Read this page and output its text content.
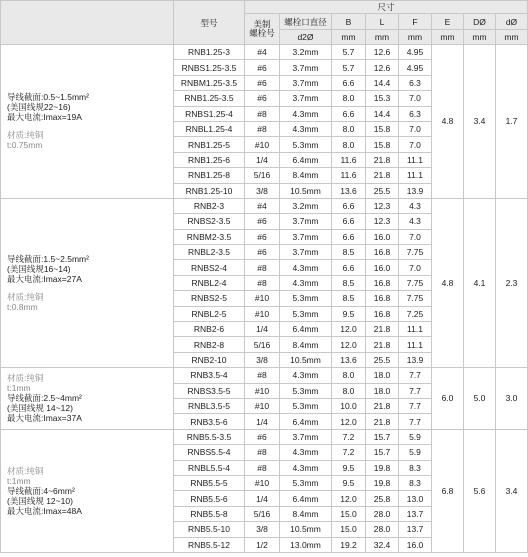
	型号	尺寸							
		美制
螺栓号	螺栓口直径	B	L	F	E	DØ	dØ
			d2Ø	mm	mm	mm	mm	mm	mm

导线截面:0.5~1.5mm²
(美国线规22~16)
最大电流:Imax=19A
材质:纯铜
t:0.75mm	RNB1.25-3	#4	3.2mm	5.7	12.6	4.95	4.8	3.4	1.7
	RNBS1.25-3.5	#6	3.7mm	5.7	12.6	4.95			
	RNBM1.25-3.5	#6	3.7mm	6.6	14.4	6.3			
	RNB1.25-3.5	#6	3.7mm	8.0	15.3	7.0			
	RNBS1.25-4	#8	4.3mm	6.6	14.4	6.3			
	RNBL1.25-4	#8	4.3mm	8.0	15.8	7.0			
	RNB1.25-5	#10	5.3mm	8.0	15.8	7.0			
	RNB1.25-6	1/4	6.4mm	11.6	21.8	11.1			
	RNB1.25-8	5/16	8.4mm	11.6	21.8	11.1			
	RNB1.25-10	3/8	10.5mm	13.6	25.5	13.9			

导线截面:1.5~2.5mm²
(美国线规16~14)
最大电流:Imax=27A
材质:纯铜
t:0.8mm	RNB2-3	#4	3.2mm	6.6	12.3	4.3	4.8	4.1	2.3
	RNBS2-3.5	#6	3.7mm	6.6	12.3	4.3			
	RNBM2-3.5	#6	3.7mm	6.6	16.0	7.0			
	RNBL2-3.5	#6	3.7mm	8.5	16.8	7.75			
	RNBS2-4	#8	4.3mm	6.6	16.0	7.0			
	RNBL2-4	#8	4.3mm	8.5	16.8	7.75			
	RNBS2-5	#10	5.3mm	8.5	16.8	7.75			
	RNBL2-5	#10	5.3mm	9.5	16.8	7.25			
	RNB2-6	1/4	6.4mm	12.0	21.8	11.1			
	RNB2-8	5/16	8.4mm	12.0	21.8	11.1			
	RNB2-10	3/8	10.5mm	13.6	25.5	13.9			

材质:纯铜
t:1mm
导线截面:2.5~4mm²
(美国线规 14~12)
最大电流:Imax=37A	RNB3.5-4	#8	4.3mm	8.0	18.0	7.7	6.0	5.0	3.0
	RNBS3.5-5	#10	5.3mm	8.0	18.0	7.7			
	RNBL3.5-5	#10	5.3mm	10.0	21.8	7.7			
	RNB3.5-6	1/4	6.4mm	12.0	21.8	7.7			

材质:纯铜
t:1mm
导线截面:4~6mm²
(美国线规 12~10)
最大电流:Imax=48A	RNB5.5-3.5	#6	3.7mm	7.2	15.7	5.9	6.8	5.6	3.4
	RNBS5.5-4	#8	4.3mm	7.2	15.7	5.9			
	RNBL5.5-4	#8	4.3mm	9.5	19.8	8.3			
	RNB5.5-5	#10	5.3mm	9.5	19.8	8.3			
	RNB5.5-6	1/4	6.4mm	12.0	25.8	13.0			
	RNB5.5-8	5/16	8.4mm	15.0	28.0	13.7			
	RNB5.5-10	3/8	10.5mm	15.0	28.0	13.7			
	RNB5.5-12	1/2	13.0mm	19.2	32.4	16.0			
